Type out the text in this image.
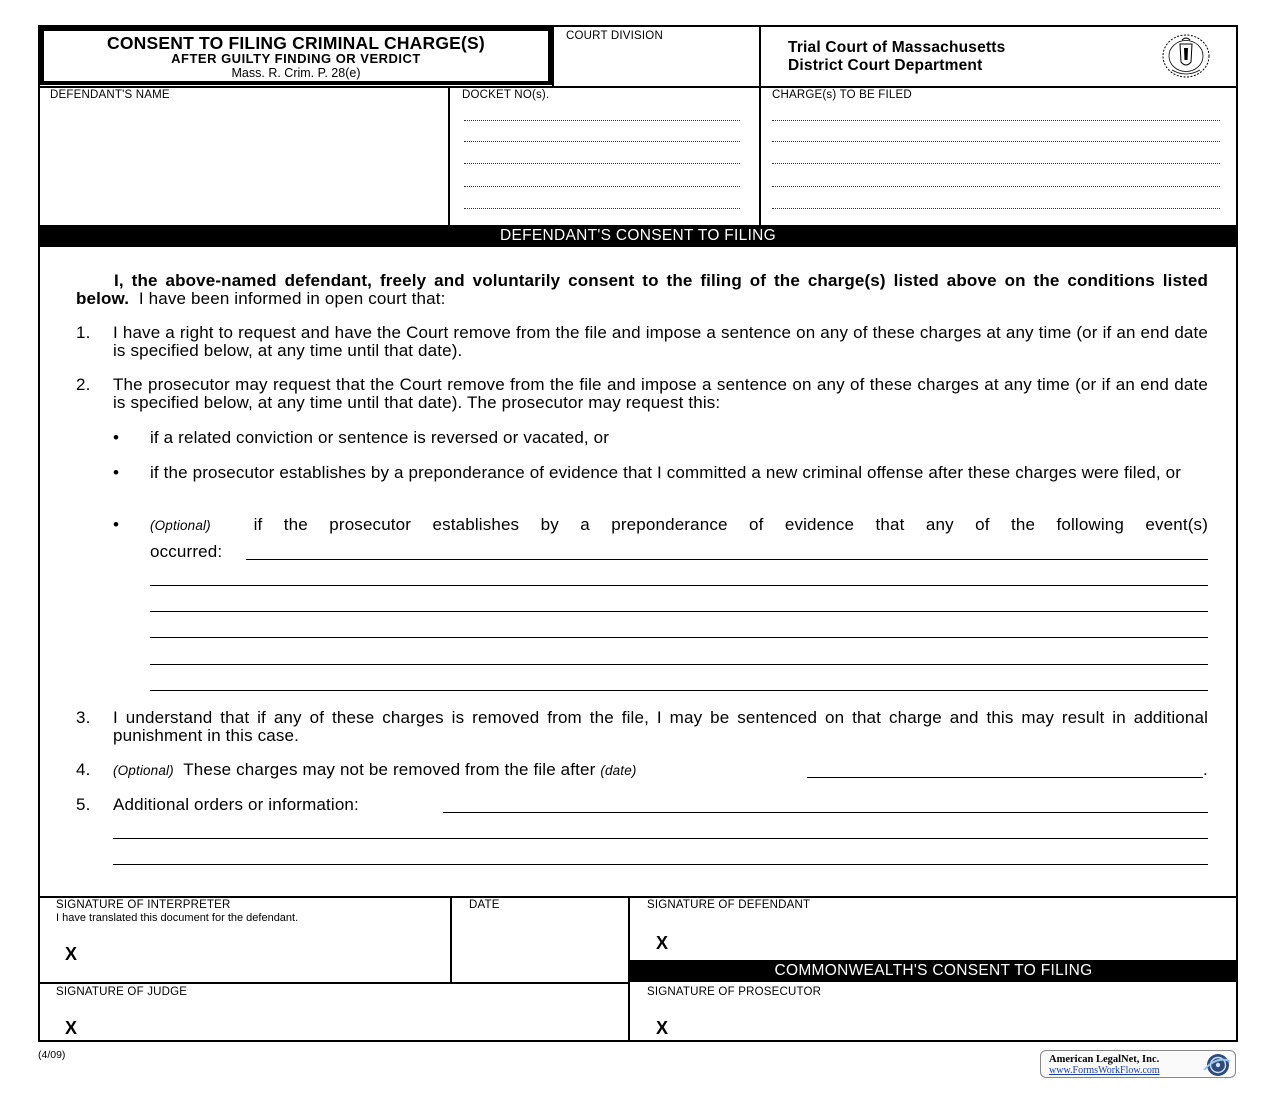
CONSENT TO FILING CRIMINAL CHARGE(S)
AFTER GUILTY FINDING OR VERDICT
Mass. R. Crim. P. 28(e)
COURT DIVISION
Trial Court of Massachusetts
District Court Department
DEFENDANT'S NAME	DOCKET NO(s).	CHARGE(s) TO BE FILED
DEFENDANT'S CONSENT TO FILING
I, the above-named defendant, freely and voluntarily consent to the filing of the charge(s) listed above on the conditions listed below. I have been informed in open court that:
1. I have a right to request and have the Court remove from the file and impose a sentence on any of these charges at any time (or if an end date is specified below, at any time until that date).
2. The prosecutor may request that the Court remove from the file and impose a sentence on any of these charges at any time (or if an end date is specified below, at any time until that date). The prosecutor may request this:
• if a related conviction or sentence is reversed or vacated, or
• if the prosecutor establishes by a preponderance of evidence that I committed a new criminal offense after these charges were filed, or
• (Optional)	if the prosecutor establishes by a preponderance of evidence that any of the following event(s)
occurred:
3. I understand that if any of these charges is removed from the file, I may be sentenced on that charge and this may result in additional punishment in this case.
4. (Optional) These charges may not be removed from the file after (date)	.
5. Additional orders or information:
SIGNATURE OF INTERPRETER
I have translated this document for the defendant.
X
DATE	SIGNATURE OF DEFENDANT
X
COMMONWEALTH'S CONSENT TO FILING
SIGNATURE OF JUDGE
X
SIGNATURE OF PROSECUTOR
X
(4/09)	American LegalNet, Inc.
www.FormsWorkFlow.com
